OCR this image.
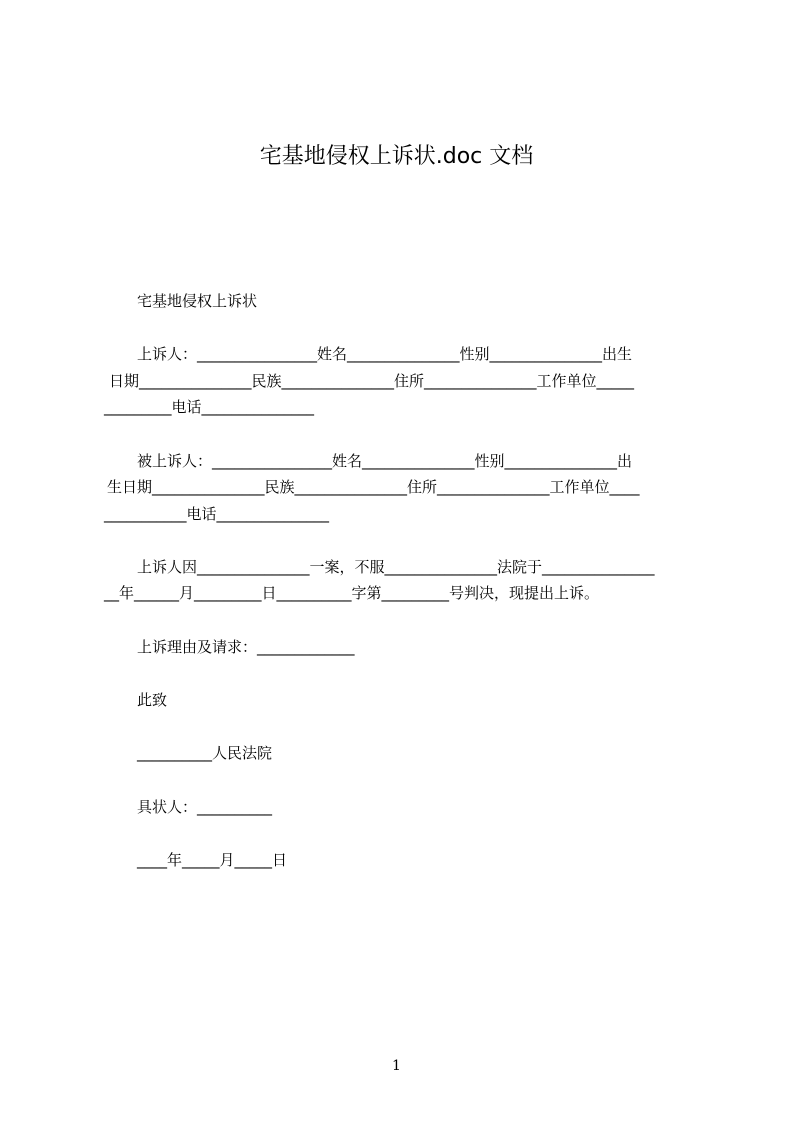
宅基地侵权上诉状.doc 文档
宅基地侵权上诉状
上诉人：________________姓名_______________性别_______________出生
日期_______________民族_______________住所_______________工作单位_____
_________电话_______________
被上诉人：________________姓名_______________性别_______________出
生日期_______________民族_______________住所_______________工作单位____
___________电话_______________
上诉人因_______________一案，不服_______________法院于_______________
__年______月_________日__________字第_________号判决，现提出上诉。
上诉理由及请求：_____________
此致
__________人民法院
具状人：__________
____年_____月_____日
1
